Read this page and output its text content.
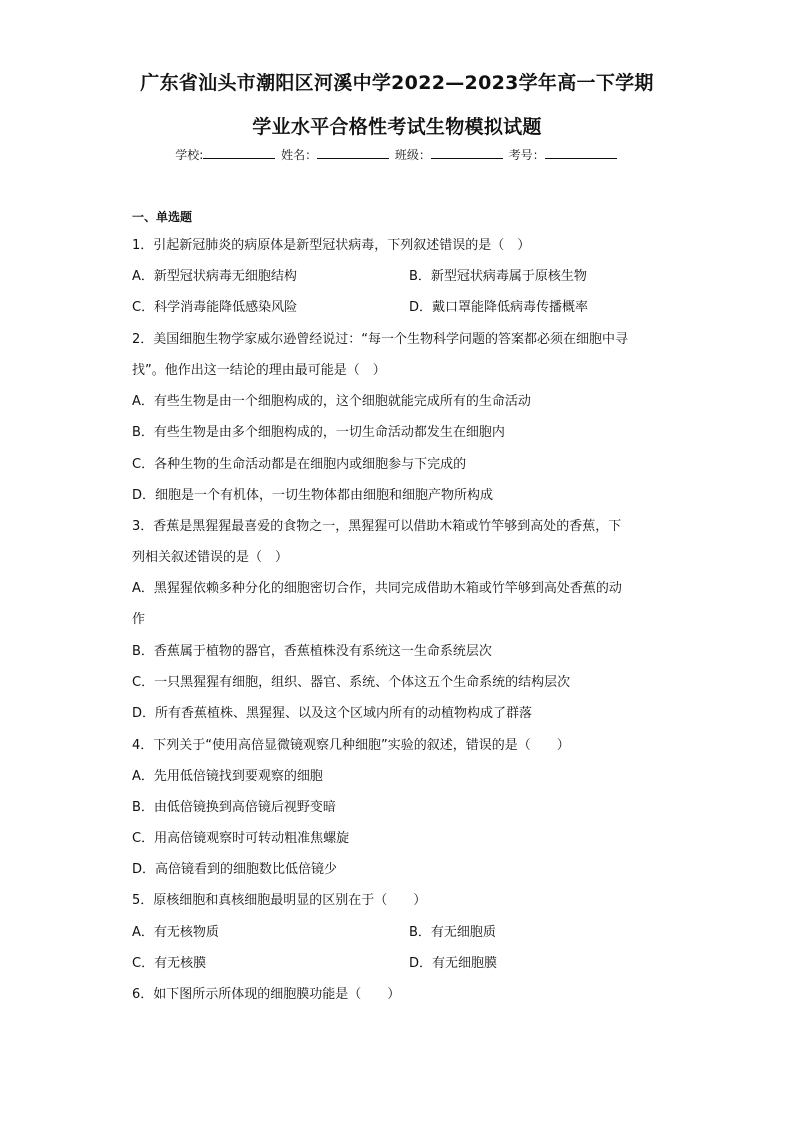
广东省汕头市潮阳区河溪中学2022—2023学年高一下学期
学业水平合格性考试生物模拟试题
学校:	姓名：	班级：	考号：
一、单选题
1．引起新冠肺炎的病原体是新型冠状病毒，下列叙述错误的是（　）
A．新型冠状病毒无细胞结构	B．新型冠状病毒属于原核生物
C．科学消毒能降低感染风险	D．戴口罩能降低病毒传播概率
2．美国细胞生物学家威尔逊曾经说过：“每一个生物科学问题的答案都必须在细胞中寻
找”。他作出这一结论的理由最可能是（　）
A．有些生物是由一个细胞构成的，这个细胞就能完成所有的生命活动
B．有些生物是由多个细胞构成的，一切生命活动都发生在细胞内
C．各种生物的生命活动都是在细胞内或细胞参与下完成的
D．细胞是一个有机体，一切生物体都由细胞和细胞产物所构成
3．香蕉是黑猩猩最喜爱的食物之一，黑猩猩可以借助木箱或竹竿够到高处的香蕉，下
列相关叙述错误的是（　）
A．黑猩猩依赖多种分化的细胞密切合作，共同完成借助木箱或竹竿够到高处香蕉的动
作
B．香蕉属于植物的器官，香蕉植株没有系统这一生命系统层次
C．一只黑猩猩有细胞，组织、器官、系统、个体这五个生命系统的结构层次
D．所有香蕉植株、黑猩猩、以及这个区域内所有的动植物构成了群落
4．下列关于“使用高倍显微镜观察几种细胞”实验的叙述，错误的是（　　）
A．先用低倍镜找到要观察的细胞
B．由低倍镜换到高倍镜后视野变暗
C．用高倍镜观察时可转动粗准焦螺旋
D．高倍镜看到的细胞数比低倍镜少
5．原核细胞和真核细胞最明显的区别在于（　　）
A．有无核物质	B．有无细胞质
C．有无核膜	D．有无细胞膜
6．如下图所示所体现的细胞膜功能是（　　）
